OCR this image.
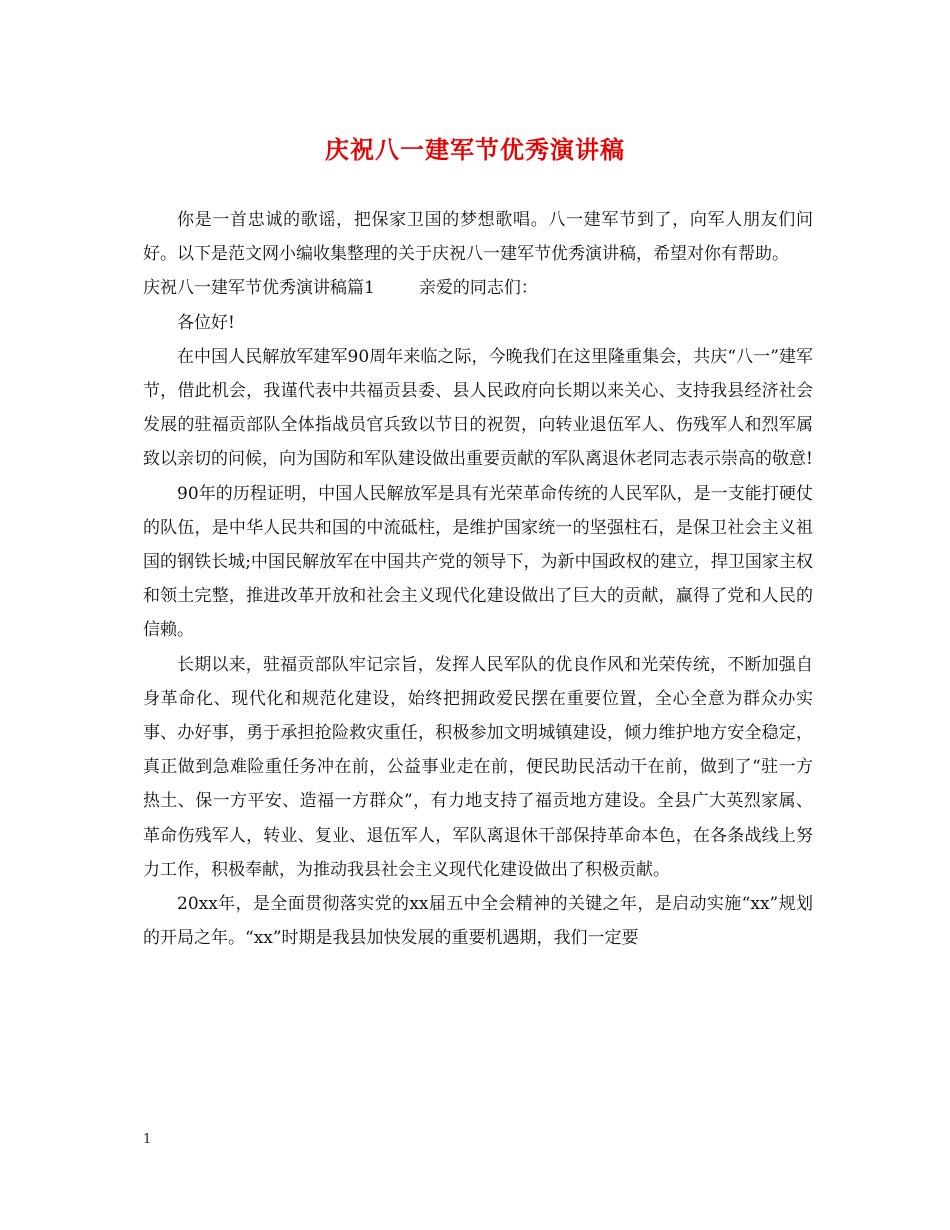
庆祝八一建军节优秀演讲稿

你是一首忠诚的歌谣，把保家卫国的梦想歌唱。八一建军节到了，向军人朋友们问好。以下是范文网小编收集整理的关于庆祝八一建军节优秀演讲稿，希望对你有帮助。

庆祝八一建军节优秀演讲稿篇1	亲爱的同志们：

各位好!

在中国人民解放军建军90周年来临之际，今晚我们在这里隆重集会，共庆“八一”建军节，借此机会，我谨代表中共福贡县委、县人民政府向长期以来关心、支持我县经济社会发展的驻福贡部队全体指战员官兵致以节日的祝贺，向转业退伍军人、伤残军人和烈军属致以亲切的问候，向为国防和军队建设做出重要贡献的军队离退休老同志表示崇高的敬意!

90年的历程证明，中国人民解放军是具有光荣革命传统的人民军队，是一支能打硬仗的队伍，是中华人民共和国的中流砥柱，是维护国家统一的坚强柱石，是保卫社会主义祖国的钢铁长城;中国民解放军在中国共产党的领导下，为新中国政权的建立，捍卫国家主权和领土完整，推进改革开放和社会主义现代化建设做出了巨大的贡献，赢得了党和人民的信赖。

长期以来，驻福贡部队牢记宗旨，发挥人民军队的优良作风和光荣传统，不断加强自身革命化、现代化和规范化建设，始终把拥政爱民摆在重要位置，全心全意为群众办实事、办好事，勇于承担抢险救灾重任，积极参加文明城镇建设，倾力维护地方安全稳定，真正做到急难险重任务冲在前，公益事业走在前，便民助民活动干在前，做到了“驻一方热土、保一方平安、造福一方群众”，有力地支持了福贡地方建设。全县广大英烈家属、革命伤残军人，转业、复业、退伍军人，军队离退休干部保持革命本色，在各条战线上努力工作，积极奉献，为推动我县社会主义现代化建设做出了积极贡献。

20xx年，是全面贯彻落实党的xx届五中全会精神的关键之年，是启动实施“xx”规划的开局之年。“xx”时期是我县加快发展的重要机遇期，我们一定要

1
